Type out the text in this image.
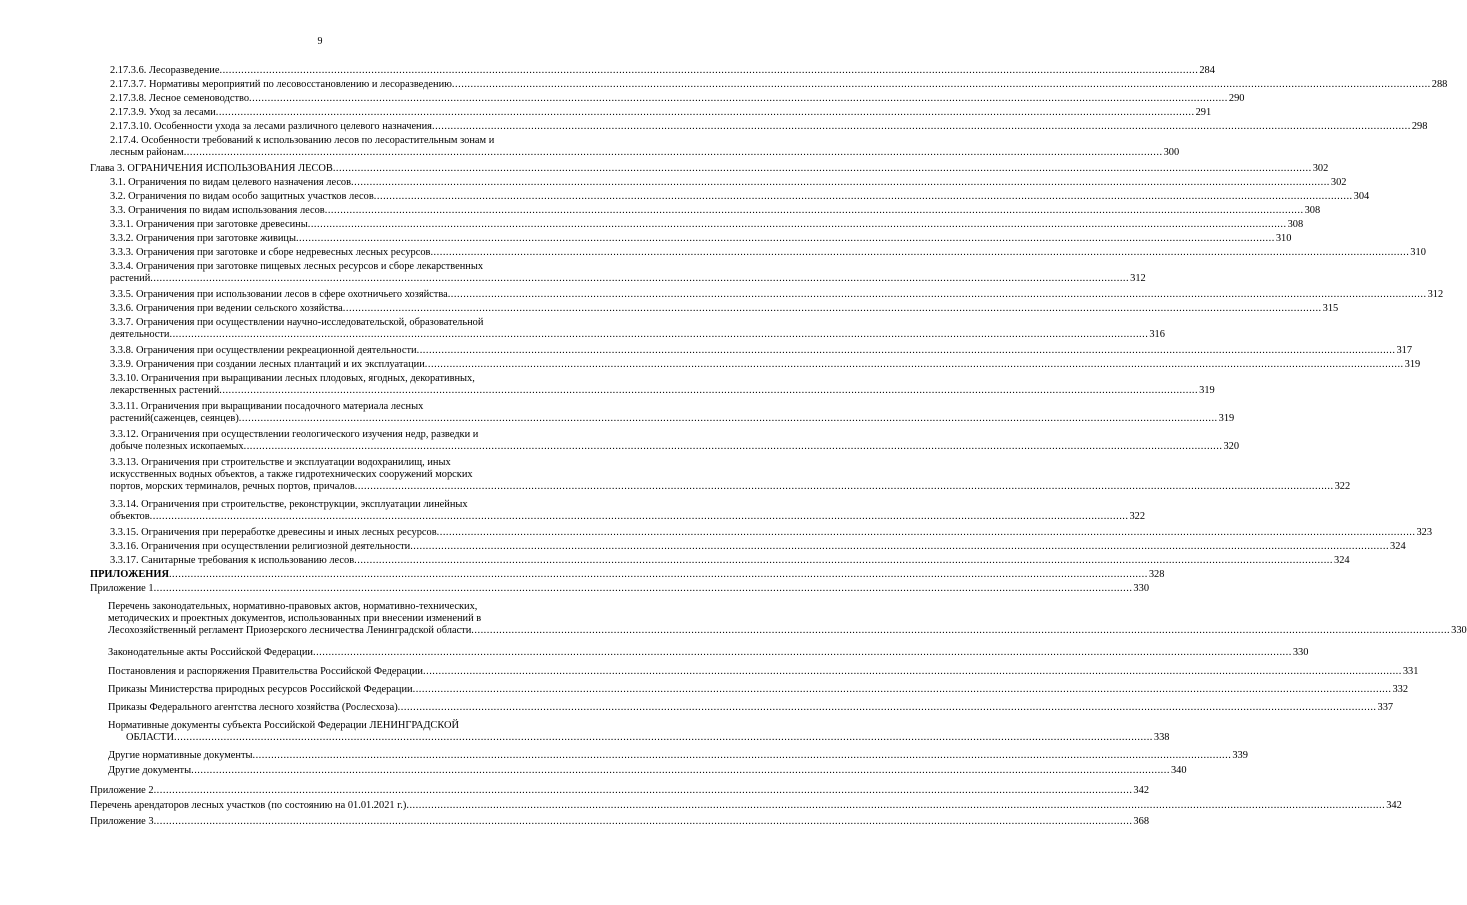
9
2.17.3.6. Лесоразведение .....	284
2.17.3.7. Нормативы мероприятий по лесовосстановлению и лесоразведению .....	288
2.17.3.8. Лесное семеноводство .....	290
2.17.3.9. Уход за лесами .....	291
2.17.3.10. Особенности ухода за лесами различного целевого назначения .....	298
2.17.4. Особенности требований к использованию лесов по лесорастительным зонам и
лесным районам .....	300
Глава 3. ОГРАНИЧЕНИЯ ИСПОЛЬЗОВАНИЯ ЛЕСОВ .....	302
3.1. Ограничения по видам целевого назначения лесов .....	302
3.2. Ограничения по видам особо защитных участков лесов .....	304
3.3. Ограничения по видам использования лесов .....	308
3.3.1. Ограничения при заготовке древесины .....	308
3.3.2. Ограничения при заготовке живицы .....	310
3.3.3. Ограничения при заготовке и сборе недревесных лесных ресурсов .....	310
3.3.4. Ограничения при заготовке пищевых лесных ресурсов и сборе лекарственных
растений .....	312
3.3.5. Ограничения при использовании лесов в сфере охотничьего хозяйства .....	312
3.3.6. Ограничения при ведении сельского хозяйства .....	315
3.3.7. Ограничения при осуществлении научно-исследовательской, образовательной
деятельности .....	316
3.3.8. Ограничения при осуществлении рекреационной деятельности .....	317
3.3.9. Ограничения при создании лесных плантаций и их эксплуатации .....	319
3.3.10. Ограничения при выращивании лесных плодовых, ягодных, декоративных,
лекарственных растений .....	319
3.3.11. Ограничения при выращивании посадочного материала лесных
растений(саженцев, сеянцев) .....	319
3.3.12. Ограничения при осуществлении геологического изучения недр, разведки и
добыче полезных ископаемых .....	320
3.3.13. Ограничения при строительстве и эксплуатации водохранилищ, иных
искусственных водных объектов, а также гидротехнических сооружений морских
портов, морских терминалов, речных портов, причалов .....	322
3.3.14. Ограничения при строительстве, реконструкции, эксплуатации линейных
объектов .....	322
3.3.15. Ограничения при переработке древесины и иных лесных ресурсов .....	323
3.3.16. Ограничения при осуществлении религиозной деятельности .....	324
3.3.17. Санитарные требования к использованию лесов .....	324
ПРИЛОЖЕНИЯ .....	328
Приложение 1 .....	330
Перечень законодательных, нормативно-правовых актов, нормативно-технических,
методических и проектных документов, использованных при внесении изменений в
Лесохозяйственный регламент Приозерского лесничества Ленинградской области .....	330
Законодательные акты Российской Федерации .....	330
Постановления и распоряжения Правительства Российской Федерации .....	331
Приказы Министерства природных ресурсов Российской Федерации .....	332
Приказы Федерального агентства лесного хозяйства (Рослесхоза) .....	337
Нормативные документы субъекта Российской Федерации ЛЕНИНГРАДСКОЙ
ОБЛАСТИ .....	338
Другие нормативные документы .....	339
Другие документы .....	340
Приложение 2 .....	342
Перечень арендаторов лесных участков (по состоянию на 01.01.2021 г.) .....	342
Приложение 3 .....	368
